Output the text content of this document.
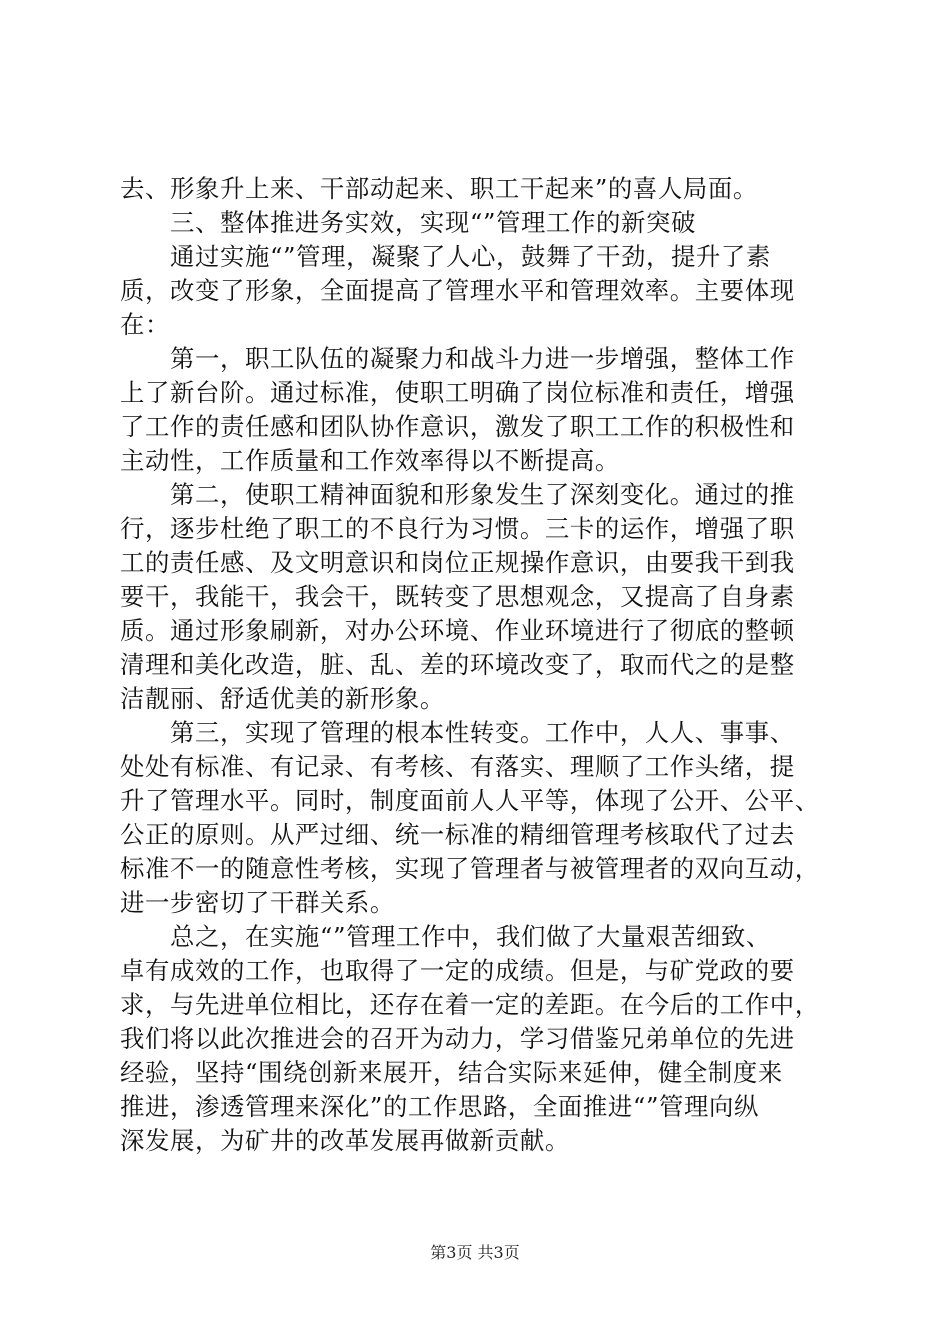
去、形象升上来、干部动起来、职工干起来”的喜人局面。
　　三、整体推进务实效，实现“”管理工作的新突破
　　通过实施“”管理，凝聚了人心，鼓舞了干劲，提升了素
质，改变了形象，全面提高了管理水平和管理效率。主要体现
在：
　　第一，职工队伍的凝聚力和战斗力进一步增强，整体工作
上了新台阶。通过标准，使职工明确了岗位标准和责任，增强
了工作的责任感和团队协作意识，激发了职工工作的积极性和
主动性，工作质量和工作效率得以不断提高。
　　第二，使职工精神面貌和形象发生了深刻变化。通过的推
行，逐步杜绝了职工的不良行为习惯。三卡的运作，增强了职
工的责任感、及文明意识和岗位正规操作意识，由要我干到我
要干，我能干，我会干，既转变了思想观念，又提高了自身素
质。通过形象刷新，对办公环境、作业环境进行了彻底的整顿
清理和美化改造，脏、乱、差的环境改变了，取而代之的是整
洁靓丽、舒适优美的新形象。
　　第三，实现了管理的根本性转变。工作中，人人、事事、
处处有标准、有记录、有考核、有落实、理顺了工作头绪，提
升了管理水平。同时，制度面前人人平等，体现了公开、公平、
公正的原则。从严过细、统一标准的精细管理考核取代了过去
标准不一的随意性考核，实现了管理者与被管理者的双向互动，
进一步密切了干群关系。
　　总之，在实施“”管理工作中，我们做了大量艰苦细致、
卓有成效的工作，也取得了一定的成绩。但是，与矿党政的要
求，与先进单位相比，还存在着一定的差距。在今后的工作中，
我们将以此次推进会的召开为动力，学习借鉴兄弟单位的先进
经验，坚持“围绕创新来展开，结合实际来延伸，健全制度来
推进，渗透管理来深化”的工作思路，全面推进“”管理向纵
深发展，为矿井的改革发展再做新贡献。
第3页 共3页
